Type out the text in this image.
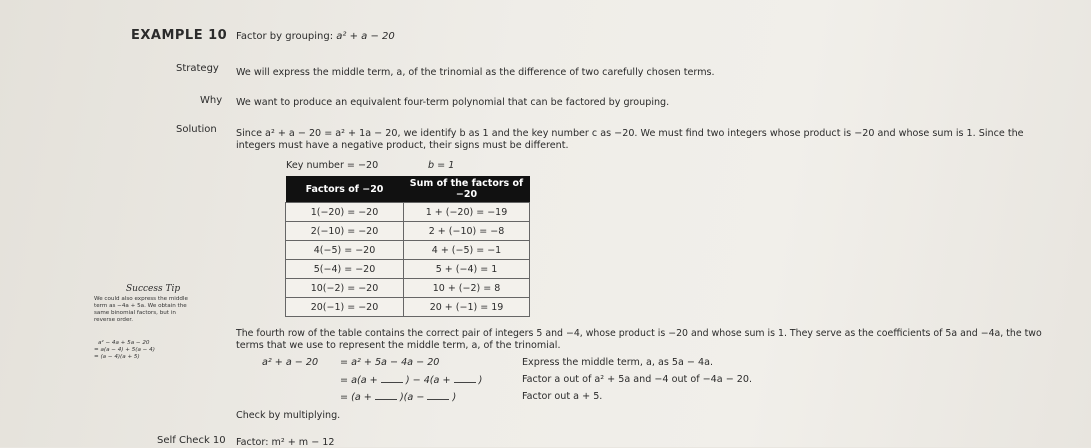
EXAMPLE 10 Factor by grouping: a² + a − 20
Strategy We will express the middle term, a, of the trinomial as the difference of two carefully chosen terms.
Why We want to produce an equivalent four-term polynomial that can be factored by grouping.
Solution Since a² + a − 20 = a² + 1a − 20, we identify b as 1 and the key number c as −20. We must find two integers whose product is −20 and whose sum is 1. Since the
integers must have a negative product, their signs must be different.
Key number = −20	b = 1
Factors of −20	Sum of the factors of −20
1(−20) = −20	1 + (−20) = −19
2(−10) = −20	2 + (−10) = −8
4(−5) = −20	4 + (−5) = −1
5(−4) = −20	5 + (−4) = 1
10(−2) = −20	10 + (−2) = 8
20(−1) = −20	20 + (−1) = 19
Success Tip
We could also express the middle
term as −4a + 5a. We obtain the
same binomial factors, but in
reverse order.
a² − 4a + 5a − 20
= a(a − 4) + 5(a − 4)
= (a − 4)(a + 5)
The fourth row of the table contains the correct pair of integers 5 and −4, whose product is −20 and whose sum is 1. They serve as the coefficients of 5a and −4a, the two
terms that we use to represent the middle term, a, of the trinomial.
a² + a − 20 = a² + 5a − 4a − 20	Express the middle term, a, as 5a − 4a.
= a(a +	) − 4(a +	)	Factor a out of a² + 5a and −4 out of −4a − 20.
= (a +	)(a −	)	Factor out a + 5.
Check by multiplying.
Self Check 10 Factor: m² + m − 12
